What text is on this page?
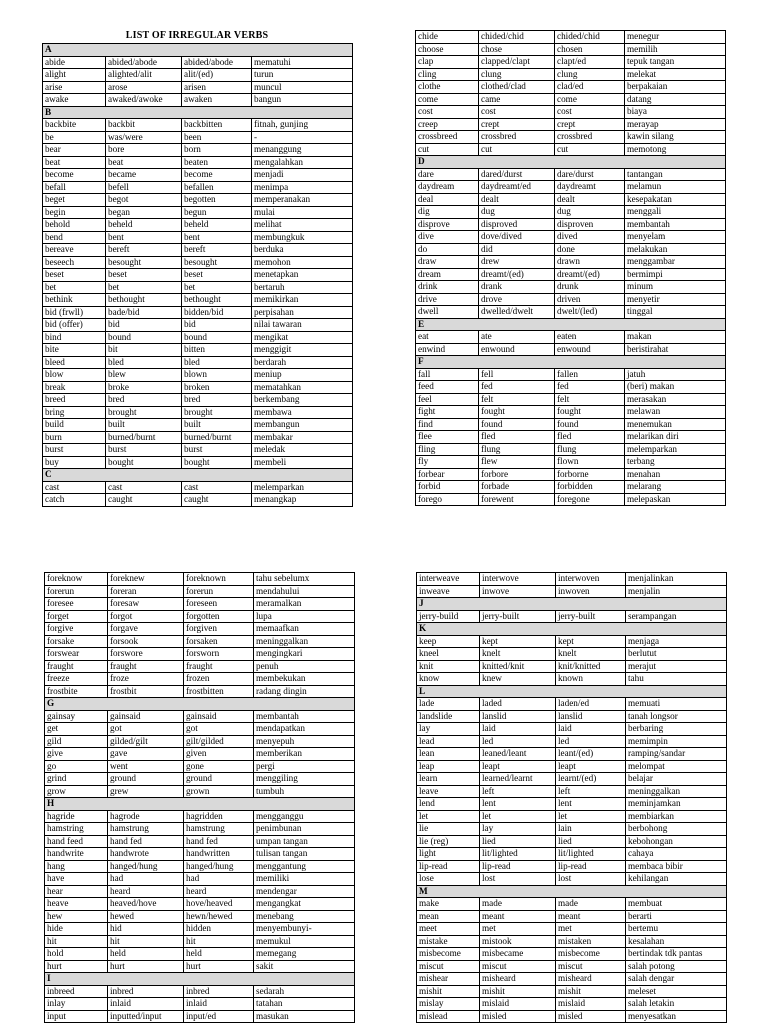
LIST OF IRREGULAR VERBS
A			
abide	abided/abode	abided/abode	mematuhi
alight	alighted/alit	alit/(ed)	turun
arise	arose	arisen	muncul
awake	awaked/awoke	awaken	bangun
B			
backbite	backbit	backbitten	fitnah, gunjing
be	was/were	been	-
bear	bore	born	menanggung
beat	beat	beaten	mengalahkan
become	became	become	menjadi
befall	befell	befallen	menimpa
beget	begot	begotten	memperanakan
begin	began	begun	mulai
behold	beheld	beheld	melihat
bend	bent	bent	membungkuk
bereave	bereft	bereft	berduka
beseech	besought	besought	memohon
beset	beset	beset	menetapkan
bet	bet	bet	bertaruh
bethink	bethought	bethought	memikirkan
bid (frwll)	bade/bid	bidden/bid	perpisahan
bid (offer)	bid	bid	nilai tawaran
bind	bound	bound	mengikat
bite	bit	bitten	menggigit
bleed	bled	bled	berdarah
blow	blew	blown	meniup
break	broke	broken	mematahkan
breed	bred	bred	berkembang
bring	brought	brought	membawa
build	built	built	membangun
burn	burned/burnt	burned/burnt	membakar
burst	burst	burst	meledak
buy	bought	bought	membeli
C			
cast	cast	cast	melemparkan
catch	caught	caught	menangkap
chide	chided/chid	chided/chid	menegur
choose	chose	chosen	memilih
clap	clapped/clapt	clapt/ed	tepuk tangan
cling	clung	clung	melekat
clothe	clothed/clad	clad/ed	berpakaian
come	came	come	datang
cost	cost	cost	biaya
creep	crept	crept	merayap
crossbreed	crossbred	crossbred	kawin silang
cut	cut	cut	memotong
D			
dare	dared/durst	dare/durst	tantangan
daydream	daydreamt/ed	daydreamt	melamun
deal	dealt	dealt	kesepakatan
dig	dug	dug	menggali
disprove	disproved	disproven	membantah
dive	dove/dived	dived	menyelam
do	did	done	melakukan
draw	drew	drawn	menggambar
dream	dreamt/(ed)	dreamt/(ed)	bermimpi
drink	drank	drunk	minum
drive	drove	driven	menyetir
dwell	dwelled/dwelt	dwelt/(led)	tinggal
E			
eat	ate	eaten	makan
enwind	enwound	enwound	beristirahat
F			
fall	fell	fallen	jatuh
feed	fed	fed	(beri) makan
feel	felt	felt	merasakan
fight	fought	fought	melawan
find	found	found	menemukan
flee	fled	fled	melarikan diri
fling	flung	flung	melemparkan
fly	flew	flown	terbang
forbear	forbore	forborne	menahan
forbid	forbade	forbidden	melarang
forego	forewent	foregone	melepaskan
foreknow	foreknew	foreknown	tahu sebelumx
forerun	foreran	forerun	mendahului
foresee	foresaw	foreseen	meramalkan
forget	forgot	forgotten	lupa
forgive	forgave	forgiven	memaafkan
forsake	forsook	forsaken	meninggalkan
forswear	forswore	forsworn	mengingkari
fraught	fraught	fraught	penuh
freeze	froze	frozen	membekukan
frostbite	frostbit	frostbitten	radang dingin
G			
gainsay	gainsaid	gainsaid	membantah
get	got	got	mendapatkan
gild	gilded/gilt	gilt/gilded	menyepuh
give	gave	given	memberikan
go	went	gone	pergi
grind	ground	ground	menggiling
grow	grew	grown	tumbuh
H			
hagride	hagrode	hagridden	mengganggu
hamstring	hamstrung	hamstrung	penimbunan
hand feed	hand fed	hand fed	umpan tangan
handwrite	handwrote	handwritten	tulisan tangan
hang	hanged/hung	hanged/hung	menggantung
have	had	had	memiliki
hear	heard	heard	mendengar
heave	heaved/hove	hove/heaved	mengangkat
hew	hewed	hewn/hewed	menebang
hide	hid	hidden	menyembunyi-
hit	hit	hit	memukul
hold	held	held	memegang
hurt	hurt	hurt	sakit
I			
inbreed	inbred	inbred	sedarah
inlay	inlaid	inlaid	tatahan
input	inputted/input	input/ed	masukan
interweave	interwove	interwoven	menjalinkan
inweave	inwove	inwoven	menjalin
J			
jerry-build	jerry-built	jerry-built	serampangan
K			
keep	kept	kept	menjaga
kneel	knelt	knelt	berlutut
knit	knitted/knit	knit/knitted	merajut
know	knew	known	tahu
L			
lade	laded	laden/ed	memuati
landslide	lanslid	lanslid	tanah longsor
lay	laid	laid	berbaring
lead	led	led	memimpin
lean	leaned/leant	leant/(ed)	ramping/sandar
leap	leapt	leapt	melompat
learn	learned/learnt	learnt/(ed)	belajar
leave	left	left	meninggalkan
lend	lent	lent	meminjamkan
let	let	let	membiarkan
lie	lay	lain	berbohong
lie (reg)	lied	lied	kebohongan
light	lit/lighted	lit/lighted	cahaya
lip-read	lip-read	lip-read	membaca bibir
lose	lost	lost	kehilangan
M			
make	made	made	membuat
mean	meant	meant	berarti
meet	met	met	bertemu
mistake	mistook	mistaken	kesalahan
misbecome	misbecame	misbecome	bertindak tdk pantas
miscut	miscut	miscut	salah potong
mishear	misheard	misheard	salah dengar
mishit	mishit	mishit	meleset
mislay	mislaid	mislaid	salah letakin
mislead	misled	misled	menyesatkan
